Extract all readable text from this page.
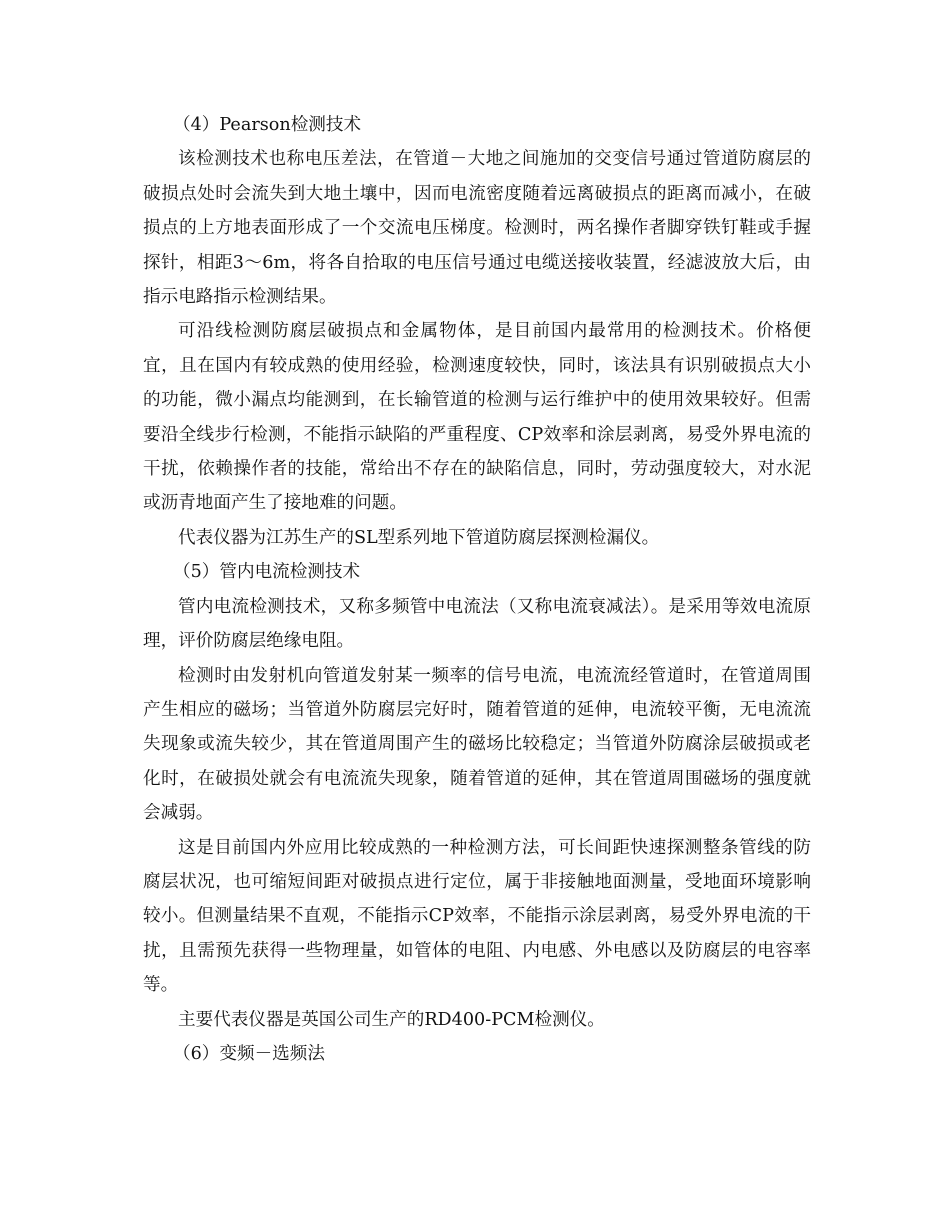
（4）Pearson检测技术

该检测技术也称电压差法，在管道－大地之间施加的交变信号通过管道防腐层的破损点处时会流失到大地土壤中，因而电流密度随着远离破损点的距离而减小，在破损点的上方地表面形成了一个交流电压梯度。检测时，两名操作者脚穿铁钉鞋或手握探针，相距3～6m，将各自拾取的电压信号通过电缆送接收装置，经滤波放大后，由指示电路指示检测结果。

可沿线检测防腐层破损点和金属物体，是目前国内最常用的检测技术。价格便宜，且在国内有较成熟的使用经验，检测速度较快，同时，该法具有识别破损点大小的功能，微小漏点均能测到，在长输管道的检测与运行维护中的使用效果较好。但需要沿全线步行检测，不能指示缺陷的严重程度、CP效率和涂层剥离，易受外界电流的干扰，依赖操作者的技能，常给出不存在的缺陷信息，同时，劳动强度较大，对水泥或沥青地面产生了接地难的问题。

代表仪器为江苏生产的SL型系列地下管道防腐层探测检漏仪。

（5）管内电流检测技术

管内电流检测技术，又称多频管中电流法（又称电流衰减法）。是采用等效电流原理，评价防腐层绝缘电阻。

检测时由发射机向管道发射某一频率的信号电流，电流流经管道时，在管道周围产生相应的磁场；当管道外防腐层完好时，随着管道的延伸，电流较平衡，无电流流失现象或流失较少，其在管道周围产生的磁场比较稳定；当管道外防腐涂层破损或老化时，在破损处就会有电流流失现象，随着管道的延伸，其在管道周围磁场的强度就会减弱。

这是目前国内外应用比较成熟的一种检测方法，可长间距快速探测整条管线的防腐层状况，也可缩短间距对破损点进行定位，属于非接触地面测量，受地面环境影响较小。但测量结果不直观，不能指示CP效率，不能指示涂层剥离，易受外界电流的干扰，且需预先获得一些物理量，如管体的电阻、内电感、外电感以及防腐层的电容率等。

主要代表仪器是英国公司生产的RD400-PCM检测仪。

（6）变频－选频法
